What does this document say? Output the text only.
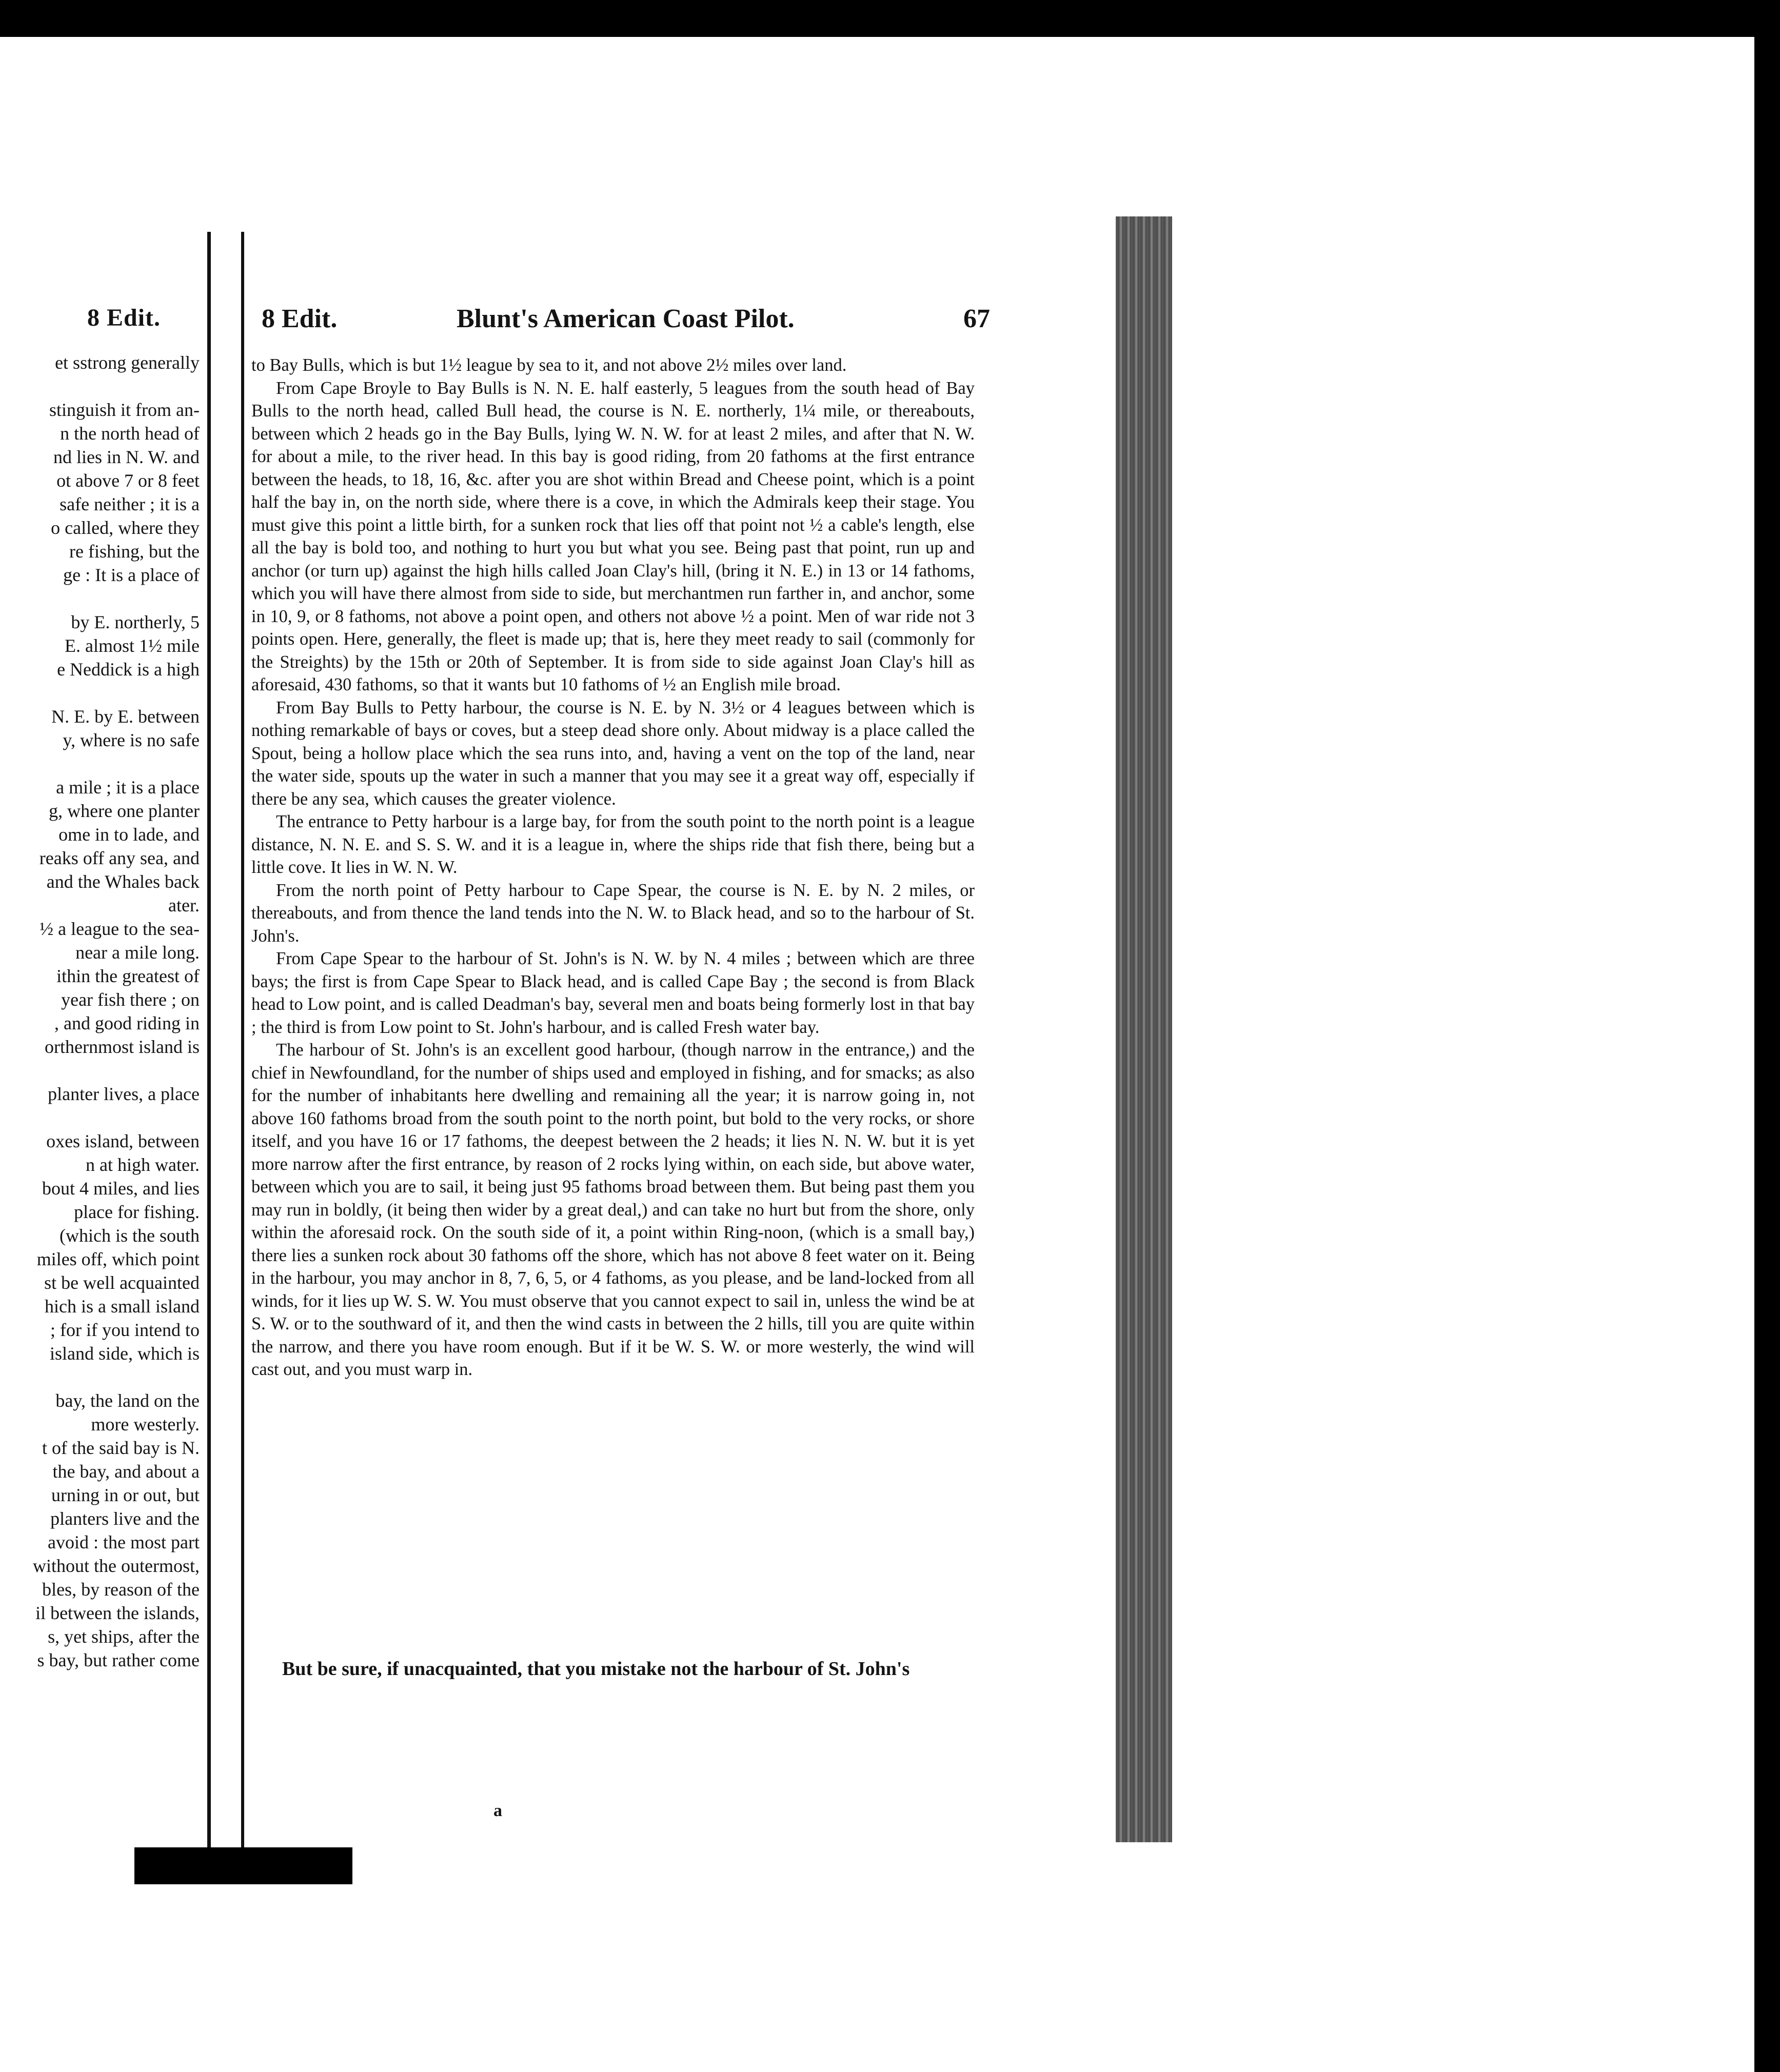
8 Edit.
et sstrong generally
stinguish it from an-
n the north head of
nd lies in N. W. and
ot above 7 or 8 feet
safe neither ; it is a
o called, where they
re fishing, but the
ge : It is a place of
by E. northerly, 5
E. almost 1½ mile
e Neddick is a high
N. E. by E. between
y, where is no safe
a mile ; it is a place
g, where one planter
ome in to lade, and
reaks off any sea, and
and the Whales back
ater.
½ a league to the sea-
near a mile long.
ithin the greatest of
year fish there ; on
, and good riding in
orthernmost island is
planter lives, a place
oxes island, between
n at high water.
bout 4 miles, and lies
place for fishing.
(which is the south
miles off, which point
st be well acquainted
hich is a small island
; for if you intend to
island side, which is
bay, the land on the
more westerly.
t of the said bay is N.
the bay, and about a
urning in or out, but
planters live and the
avoid : the most part
without the outermost,
bles, by reason of the
il between the islands,
s, yet ships, after the
s bay, but rather come
8 Edit.	Blunt's American Coast Pilot.	67

to Bay Bulls, which is but 1½ league by sea to it, and not above 2½ miles over land.

From Cape Broyle to Bay Bulls is N. N. E. half easterly, 5 leagues from the south head of Bay Bulls to the north head, called Bull head, the course is N. E. northerly, 1¼ mile, or thereabouts, between which 2 heads go in the Bay Bulls, lying W. N. W. for at least 2 miles, and after that N. W. for about a mile, to the river head. In this bay is good riding, from 20 fathoms at the first entrance between the heads, to 18, 16, &c. after you are shot within Bread and Cheese point, which is a point half the bay in, on the north side, where there is a cove, in which the Admirals keep their stage. You must give this point a little birth, for a sunken rock that lies off that point not ½ a cable's length, else all the bay is bold too, and nothing to hurt you but what you see. Being past that point, run up and anchor (or turn up) against the high hills called Joan Clay's hill, (bring it N. E.) in 13 or 14 fathoms, which you will have there almost from side to side, but merchantmen run farther in, and anchor, some in 10, 9, or 8 fathoms, not above a point open, and others not above ½ a point. Men of war ride not 3 points open. Here, generally, the fleet is made up; that is, here they meet ready to sail (commonly for the Streights) by the 15th or 20th of September. It is from side to side against Joan Clay's hill as aforesaid, 430 fathoms, so that it wants but 10 fathoms of ½ an English mile broad.

From Bay Bulls to Petty harbour, the course is N. E. by N. 3½ or 4 leagues between which is nothing remarkable of bays or coves, but a steep dead shore only. About midway is a place called the Spout, being a hollow place which the sea runs into, and, having a vent on the top of the land, near the water side, spouts up the water in such a manner that you may see it a great way off, especially if there be any sea, which causes the greater violence.

The entrance to Petty harbour is a large bay, for from the south point to the north point is a league distance, N. N. E. and S. S. W. and it is a league in, where the ships ride that fish there, being but a little cove. It lies in W. N. W.

From the north point of Petty harbour to Cape Spear, the course is N. E. by N. 2 miles, or thereabouts, and from thence the land tends into the N. W. to Black head, and so to the harbour of St. John's.

From Cape Spear to the harbour of St. John's is N. W. by N. 4 miles ; between which are three bays; the first is from Cape Spear to Black head, and is called Cape Bay ; the second is from Black head to Low point, and is called Deadman's bay, several men and boats being formerly lost in that bay ; the third is from Low point to St. John's harbour, and is called Fresh water bay.

The harbour of St. John's is an excellent good harbour, (though narrow in the entrance,) and the chief in Newfoundland, for the number of ships used and employed in fishing, and for smacks; as also for the number of inhabitants here dwelling and remaining all the year; it is narrow going in, not above 160 fathoms broad from the south point to the north point, but bold to the very rocks, or shore itself, and you have 16 or 17 fathoms, the deepest between the 2 heads; it lies N. N. W. but it is yet more narrow after the first entrance, by reason of 2 rocks lying within, on each side, but above water, between which you are to sail, it being just 95 fathoms broad between them. But being past them you may run in boldly, (it being then wider by a great deal,) and can take no hurt but from the shore, only within the aforesaid rock. On the south side of it, a point within Ring-noon, (which is a small bay,) there lies a sunken rock about 30 fathoms off the shore, which has not above 8 feet water on it. Being in the harbour, you may anchor in 8, 7, 6, 5, or 4 fathoms, as you please, and be land-locked from all winds, for it lies up W. S. W. You must observe that you cannot expect to sail in, unless the wind be at S. W. or to the southward of it, and then the wind casts in between the 2 hills, till you are quite within the narrow, and there you have room enough. But if it be W. S. W. or more westerly, the wind will cast out, and you must warp in.

But be sure, if unacquainted, that you mistake not the harbour of St. John's
a
